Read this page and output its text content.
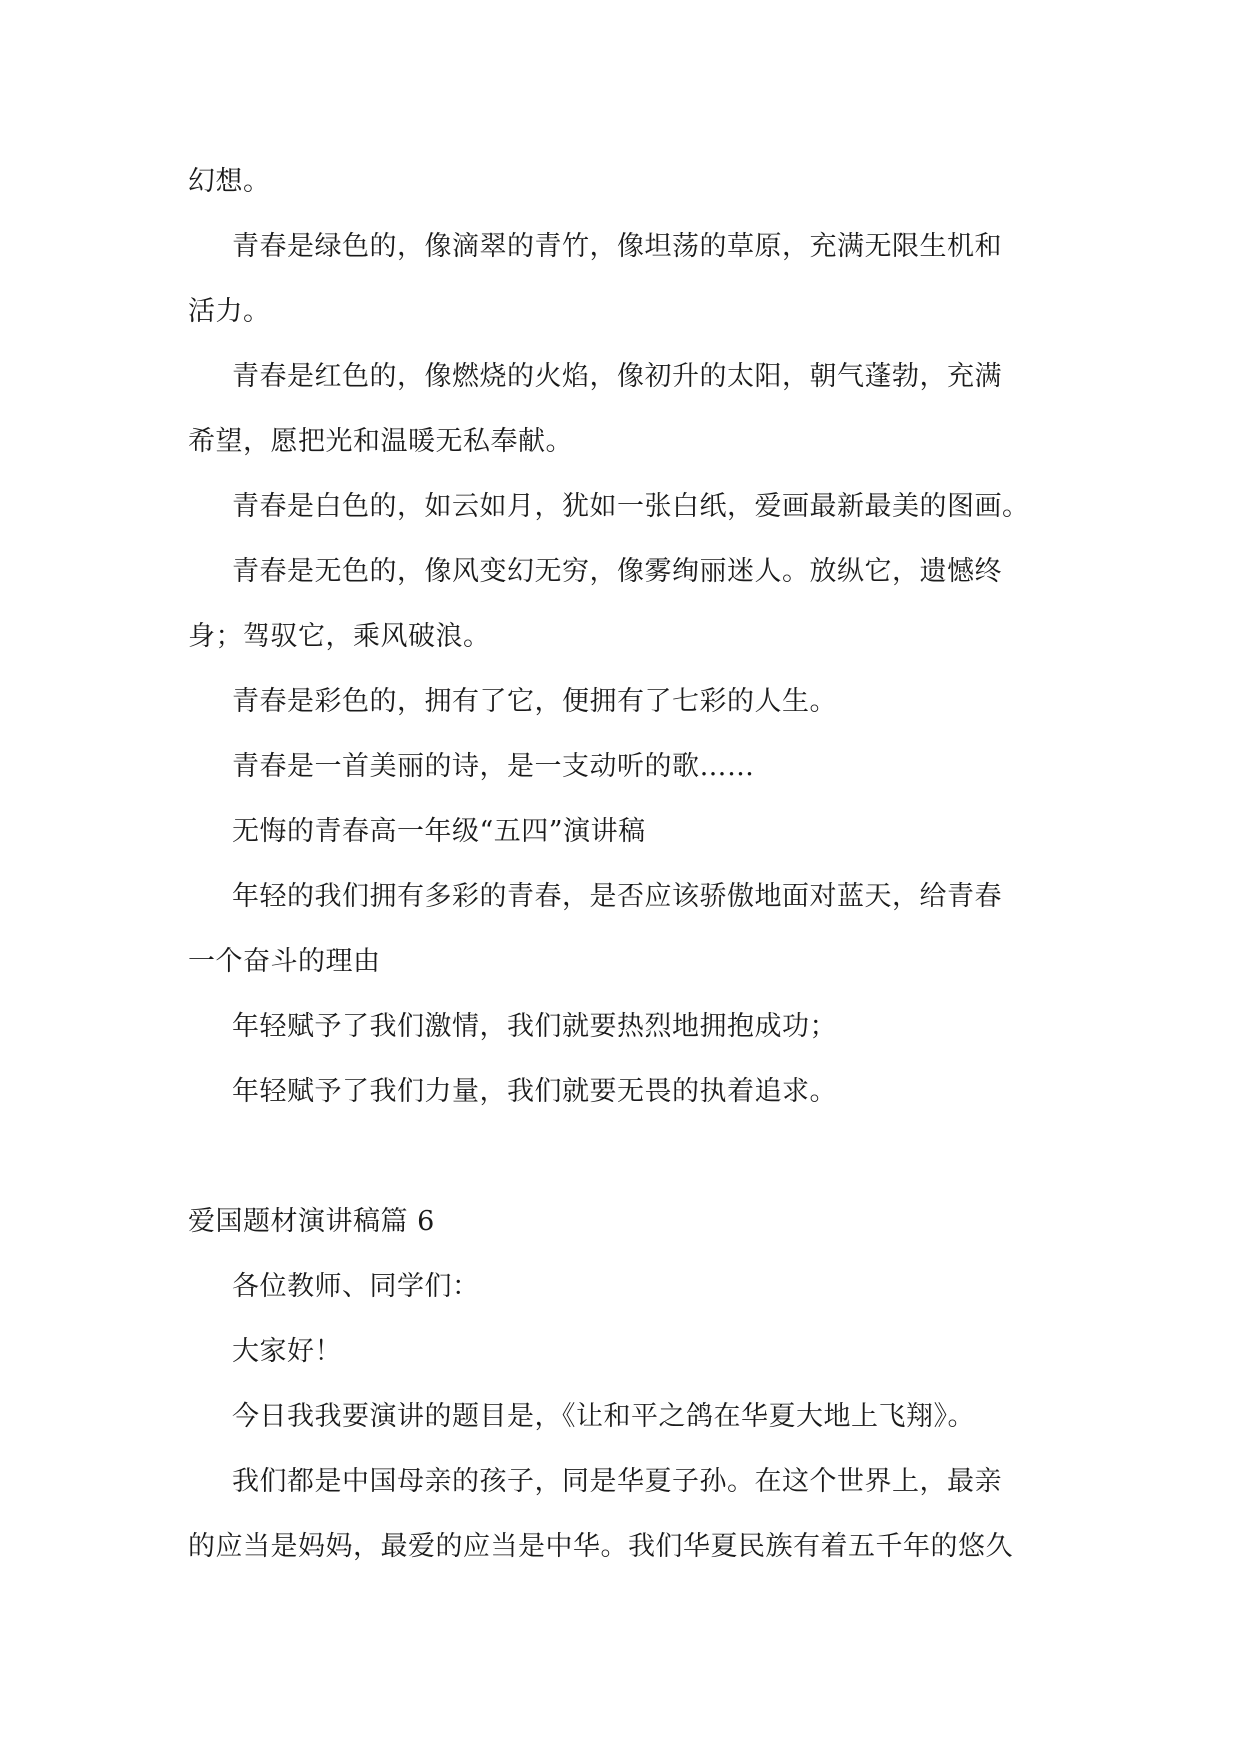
幻想。
青春是绿色的，像滴翠的青竹，像坦荡的草原，充满无限生机和
活力。
青春是红色的，像燃烧的火焰，像初升的太阳，朝气蓬勃，充满
希望，愿把光和温暖无私奉献。
青春是白色的，如云如月，犹如一张白纸，爱画最新最美的图画。
青春是无色的，像风变幻无穷，像雾绚丽迷人。放纵它，遗憾终
身；驾驭它，乘风破浪。
青春是彩色的，拥有了它，便拥有了七彩的人生。
青春是一首美丽的诗，是一支动听的歌……
无悔的青春高一年级“五四”演讲稿
年轻的我们拥有多彩的青春，是否应该骄傲地面对蓝天，给青春
一个奋斗的理由
年轻赋予了我们激情，我们就要热烈地拥抱成功；
年轻赋予了我们力量，我们就要无畏的执着追求。
爱国题材演讲稿篇 6
各位教师、同学们：
大家好！
今日我我要演讲的题目是，《让和平之鸽在华夏大地上飞翔》。
我们都是中国母亲的孩子，同是华夏子孙。在这个世界上，最亲
的应当是妈妈，最爱的应当是中华。我们华夏民族有着五千年的悠久
